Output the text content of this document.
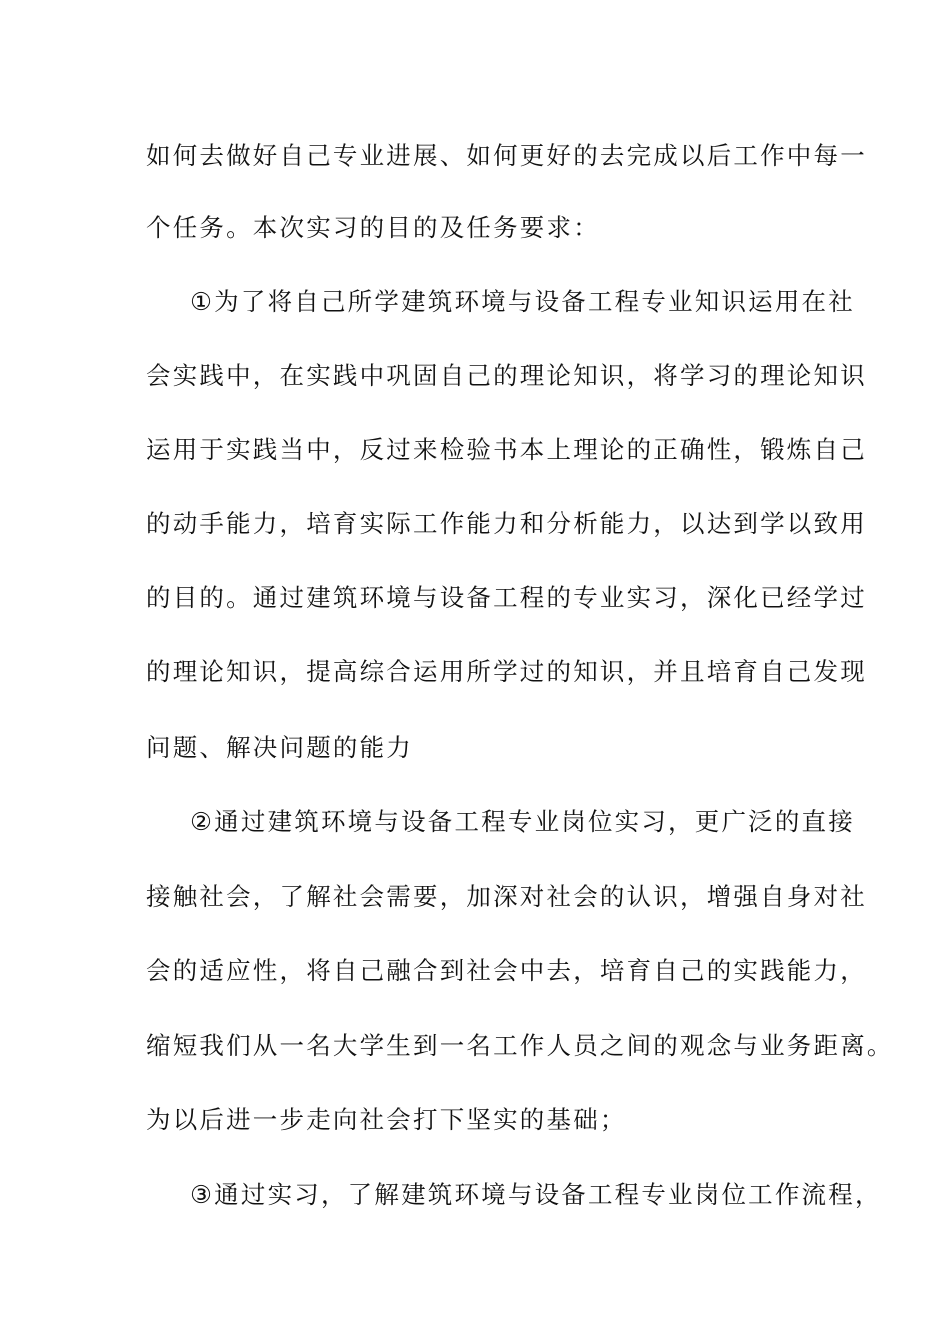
如何去做好自己专业进展、如何更好的去完成以后工作中每一
个任务。本次实习的目的及任务要求：
①为了将自己所学建筑环境与设备工程专业知识运用在社
会实践中，在实践中巩固自己的理论知识，将学习的理论知识
运用于实践当中，反过来检验书本上理论的正确性，锻炼自己
的动手能力，培育实际工作能力和分析能力，以达到学以致用
的目的。通过建筑环境与设备工程的专业实习，深化已经学过
的理论知识，提高综合运用所学过的知识，并且培育自己发现
问题、解决问题的能力
②通过建筑环境与设备工程专业岗位实习，更广泛的直接
接触社会，了解社会需要，加深对社会的认识，增强自身对社
会的适应性，将自己融合到社会中去，培育自己的实践能力，
缩短我们从一名大学生到一名工作人员之间的观念与业务距离。
为以后进一步走向社会打下坚实的基础；
③通过实习，了解建筑环境与设备工程专业岗位工作流程，
